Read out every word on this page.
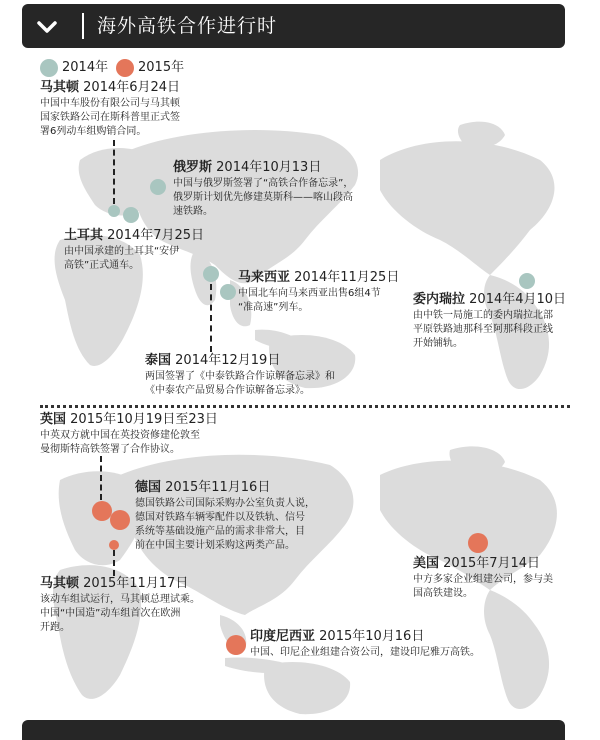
海外高铁合作进行时
2014年 2015年
马其顿 2014年6月24日
中国中车股份有限公司与马其顿
国家铁路公司在斯科普里正式签
署6列动车组购销合同。
俄罗斯 2014年10月13日
中国与俄罗斯签署了“高铁合作备忘录”，
俄罗斯计划优先修建莫斯科——喀山段高
速铁路。
土耳其 2014年7月25日
由中国承建的土耳其“安伊
高铁”正式通车。
马来西亚 2014年11月25日
中国北车向马来西亚出售6组4节
“准高速”列车。
委内瑞拉 2014年4月10日
由中铁一局施工的委内瑞拉北部
平原铁路迪那科至阿那科段正线
开始铺轨。
泰国 2014年12月19日
两国签署了《中泰铁路合作谅解备忘录》和
《中泰农产品贸易合作谅解备忘录》。
英国 2015年10月19日至23日
中英双方就中国在英投资修建伦敦至
曼彻斯特高铁签署了合作协议。
德国 2015年11月16日
德国铁路公司国际采购办公室负责人说，
德国对铁路车辆零配件以及铁轨、信号
系统等基础设施产品的需求非常大，目
前在中国主要计划采购这两类产品。
马其顿 2015年11月17日
该动车组试运行，马其顿总理试乘。
中国“中国造”动车组首次在欧洲
开跑。
美国 2015年7月14日
中方多家企业组建公司，参与美
国高铁建设。
印度尼西亚 2015年10月16日
中国、印尼企业组建合资公司，建设印尼雅万高铁。
